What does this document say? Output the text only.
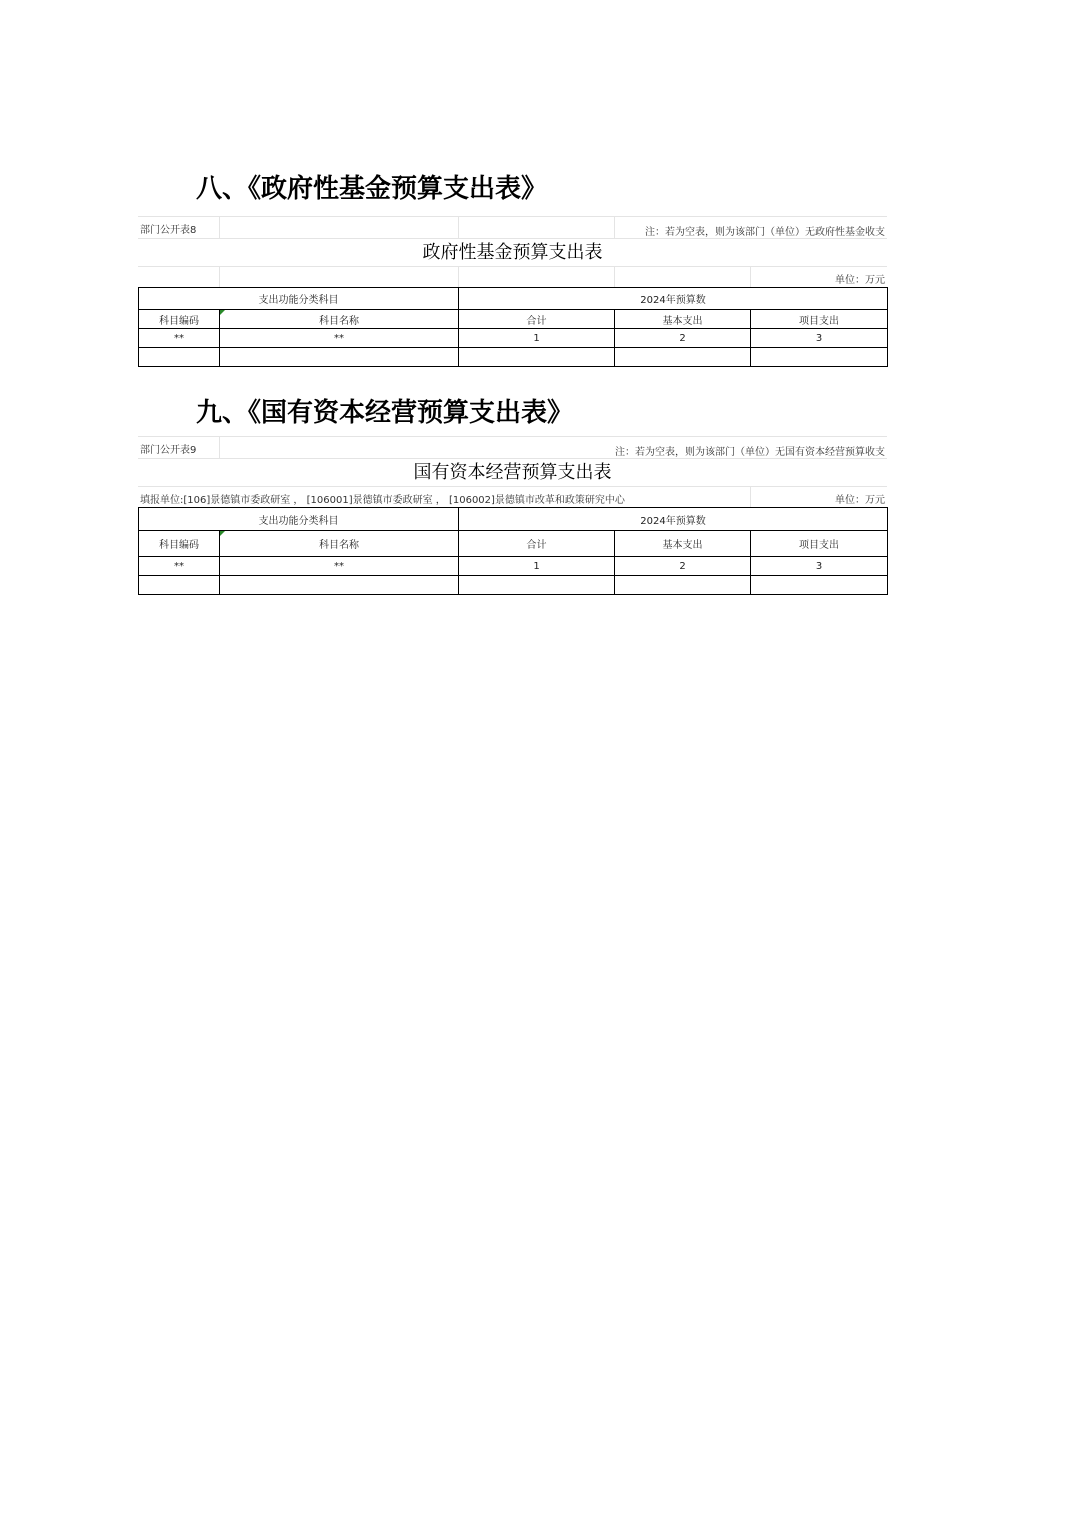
八、《政府性基金预算支出表》
部门公开表8	注：若为空表，则为该部门（单位）无政府性基金收支
政府性基金预算支出表
单位：万元
支出功能分类科目		2024年预算数		
科目编码	科目名称	合计	基本支出	项目支出
**	**	1	2	3

九、《国有资本经营预算支出表》
部门公开表9	注：若为空表，则为该部门（单位）无国有资本经营预算收支
国有资本经营预算支出表
填报单位:[106]景德镇市委政研室 ， [106001]景德镇市委政研室 ， [106002]景德镇市改革和政策研究中心	单位：万元
支出功能分类科目		2024年预算数		
科目编码	科目名称	合计	基本支出	项目支出
**	**	1	2	3
